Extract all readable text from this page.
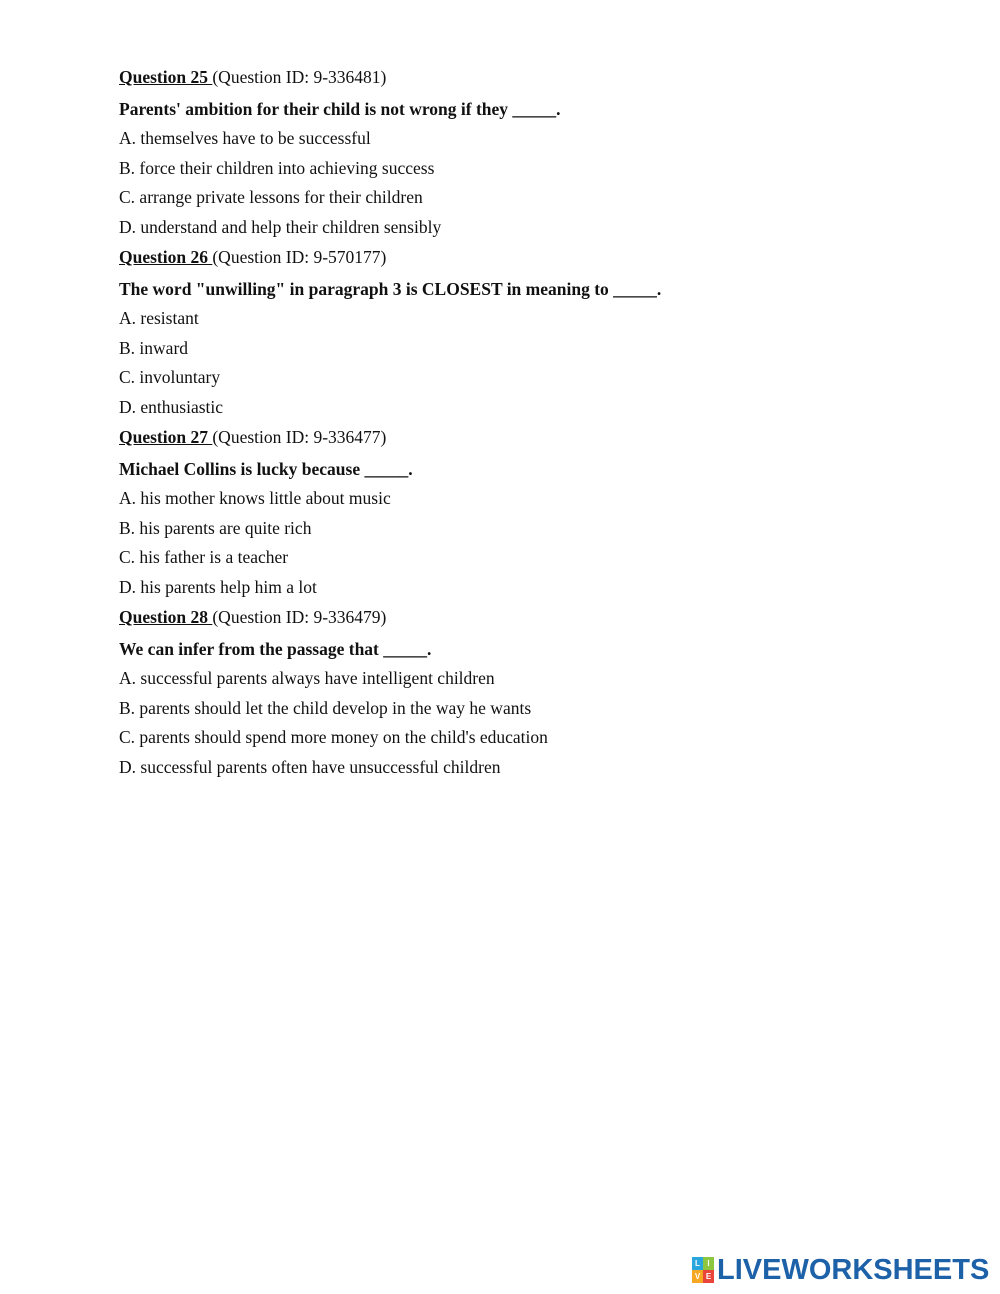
Question 25 (Question ID: 9-336481)
Parents' ambition for their child is not wrong if they _____.
A. themselves have to be successful
B. force their children into achieving success
C. arrange private lessons for their children
D. understand and help their children sensibly
Question 26 (Question ID: 9-570177)
The word "unwilling" in paragraph 3 is CLOSEST in meaning to _____.
A. resistant
B. inward
C. involuntary
D. enthusiastic
Question 27 (Question ID: 9-336477)
Michael Collins is lucky because _____.
A. his mother knows little about music
B. his parents are quite rich
C. his father is a teacher
D. his parents help him a lot
Question 28 (Question ID: 9-336479)
We can infer from the passage that _____.
A. successful parents always have intelligent children
B. parents should let the child develop in the way he wants
C. parents should spend more money on the child's education
D. successful parents often have unsuccessful children
L I
V E LIVEWORKSHEETS
